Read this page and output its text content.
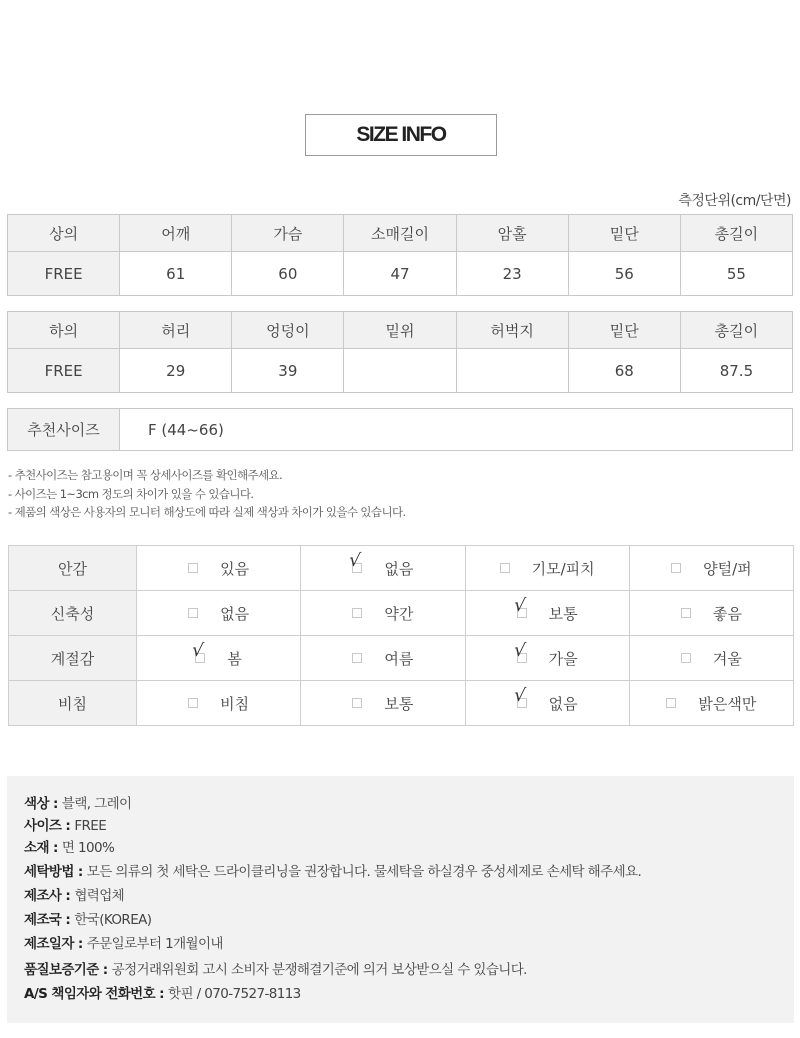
SIZE INFO
측정단위(cm/단면)
상의	어깨	가슴	소매길이	암홀	밑단	총길이
FREE	61	60	47	23	56	55
하의	허리	엉덩이	밑위	허벅지	밑단	총길이
FREE	29	39			68	87.5
추천사이즈	F (44~66)
- 추천사이즈는 참고용이며 꼭 상세사이즈를 확인해주세요.
- 사이즈는 1~3cm 정도의 차이가 있을 수 있습니다.
- 제품의 색상은 사용자의 모니터 해상도에 따라 실제 색상과 차이가 있을수 있습니다.
안감	있음	√ 없음	기모/피치	양털/퍼

신축성	없음	약간	√ 보통	좋음

계절감	√ 봄	여름	√ 가을	겨울

비침	비침	보통	√ 없음	밝은색만
색상 : 블랙, 그레이
사이즈 : FREE
소재 : 면 100%
세탁방법 : 모든 의류의 첫 세탁은 드라이클리닝을 권장합니다. 물세탁을 하실경우 중성세제로 손세탁 해주세요.
제조사 : 협력업체
제조국 : 한국(KOREA)
제조일자 : 주문일로부터 1개월이내
품질보증기준 : 공정거래위원회 고시 소비자 분쟁해결기준에 의거 보상받으실 수 있습니다.
A/S 책임자와 전화번호 : 핫핀 / 070-7527-8113
